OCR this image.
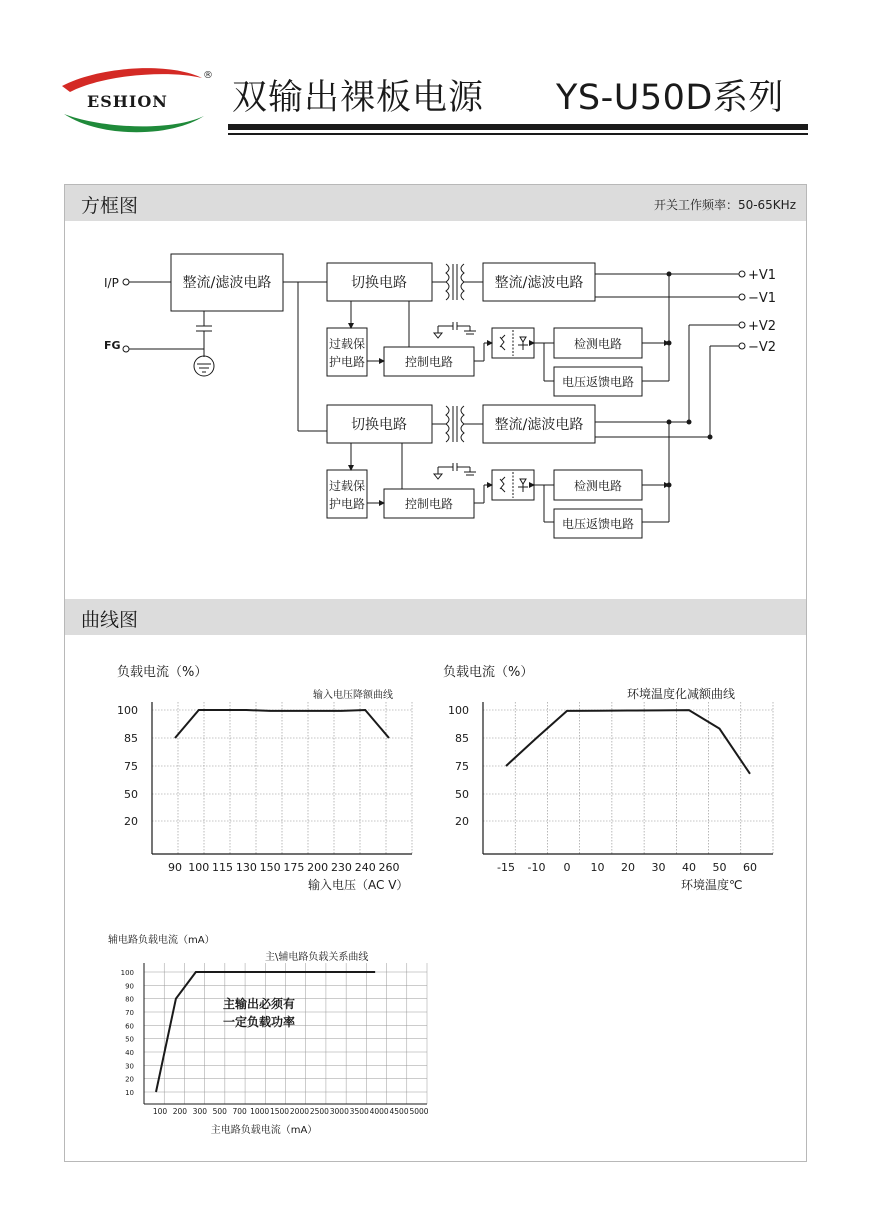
ESHION
®
双输出裸板电源 YS-U50D系列
方框图	开关工作频率：50-65KHz
I/P
FG
整流/滤波电路	切换电路	整流/滤波电路
切换电路	整流/滤波电路
过载保
护电路	控制电路
检测电路
电压返馈电路
过载保
护电路	控制电路
检测电路
电压返馈电路
+V1
−V1
+V2
−V2
曲线图
100
85
75
50
20
90 100 115 130 150 175 200 230 240 260
负载电流（%）
输入电压降额曲线
输入电压（AC V）
100
85
75
50
20
-15 -10 0 10 20 30 40 50 60
负载电流（%）
环境温度化减额曲线
环境温度℃
100
90
80
70
60
50
40
30
20
10
100 200 300 500 700 1000 1500 2000 2500 3000 3500 4000 4500 5000
辅电路负载电流（mA）
主\辅电路负载关系曲线
主电路负载电流（mA）
主输出必须有
一定负载功率
